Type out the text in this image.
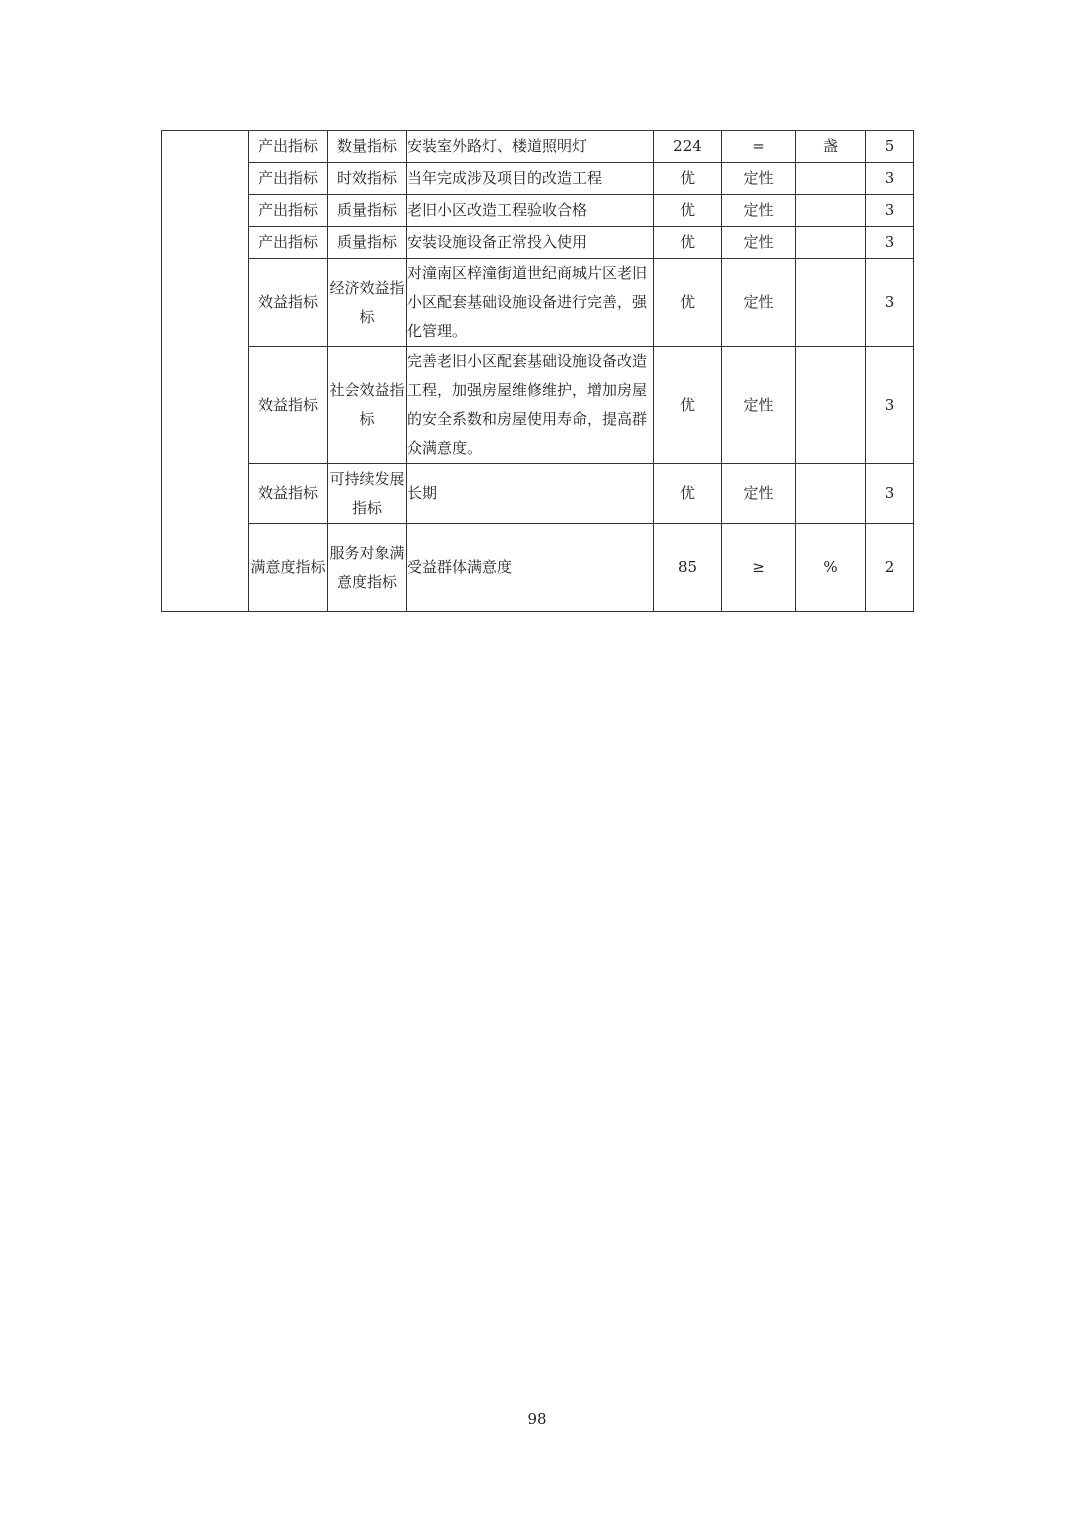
	产出指标	数量指标	安装室外路灯、楼道照明灯	224	=	盏	5
	产出指标	时效指标	当年完成涉及项目的改造工程	优	定性		3
	产出指标	质量指标	老旧小区改造工程验收合格	优	定性		3
	产出指标	质量指标	安装设施设备正常投入使用	优	定性		3
	效益指标	经济效益指标	对潼南区梓潼街道世纪商城片区老旧小区配套基础设施设备进行完善，强化管理。	优	定性		3
	效益指标	社会效益指标	完善老旧小区配套基础设施设备改造工程，加强房屋维修维护，增加房屋的安全系数和房屋使用寿命，提高群众满意度。	优	定性		3
	效益指标	可持续发展指标	长期	优	定性		3
	满意度指标	服务对象满意度指标	受益群体满意度	85	≥	%	2
98
